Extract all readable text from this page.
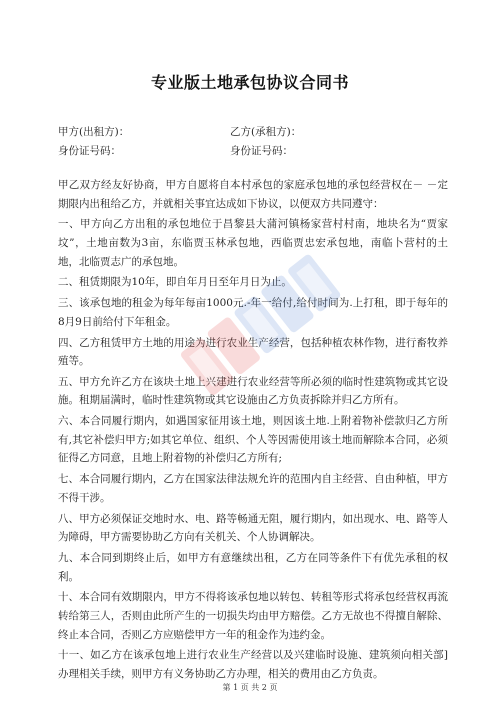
专业版土地承包协议合同书
甲方(出租方)：	乙方(承租方)：
身份证号码：	身份证号码：

甲乙双方经友好协商，甲方自愿将自本村承包的家庭承包地的承包经营权在－ －定期限内出租给乙方，并就相关事宜达成如下协议，以便双方共同遵守：

一、甲方向乙方出租的承包地位于昌黎县大蒲河镇杨家营村村南，地块名为“贾家坟”，土地亩数为3亩，东临贾玉林承包地，西临贾忠宏承包地，南临卜营村的土地，北临贾志广的承包地。

二、租赁期限为10年，即自年月日至年月日为止。

三、该承包地的租金为每年每亩1000元.-年一给付,给付时间为.上打租，即于每年的8月9日前给付下年租金。

四、乙方租赁甲方土地的用途为进行农业生产经营，包括种植农林作物，进行畜牧养殖等。

五、甲方允许乙方在该块土地上兴建进行农业经营等所必须的临时性建筑物或其它设施。租期届满时，临时性建筑物或其它设施由乙方负责拆除并归乙方所有。

六、本合同履行期内，如遇国家征用该土地，则因该土地.上附着物补偿款归乙方所有,其它补偿归甲方;如其它单位、组织、个人等因需使用该土地而解除本合同，必须征得乙方同意，且地上附着物的补偿归乙方所有;

七、本合同履行期内，乙方在国家法律法规允许的范围内自主经营、自由种植，甲方不得干涉。

八、甲方必须保证交地时水、电、路等畅通无阻，履行期内，如出现水、电、路等人为障碍，甲方需要协助乙方向有关机关、个人协调解决。

九、本合同到期终止后，如甲方有意继续出租，乙方在同等条件下有优先承租的权利。

十、本合同有效期限内，甲方不得将该承包地以转包、转租等形式将承包经营权再流转给第三人，否则由此所产生的一切损失均由甲方赔偿。乙方无故也不得擅自解除、终止本合同，否则乙方应赔偿甲方一年的租金作为违约金。

十一、如乙方在该承包地上进行农业生产经营以及兴建临时设施、建筑须向相关部]办理相关手续，则甲方有义务协助乙方办理，相关的费用由乙方负责。

第 1 页 共 2 页
